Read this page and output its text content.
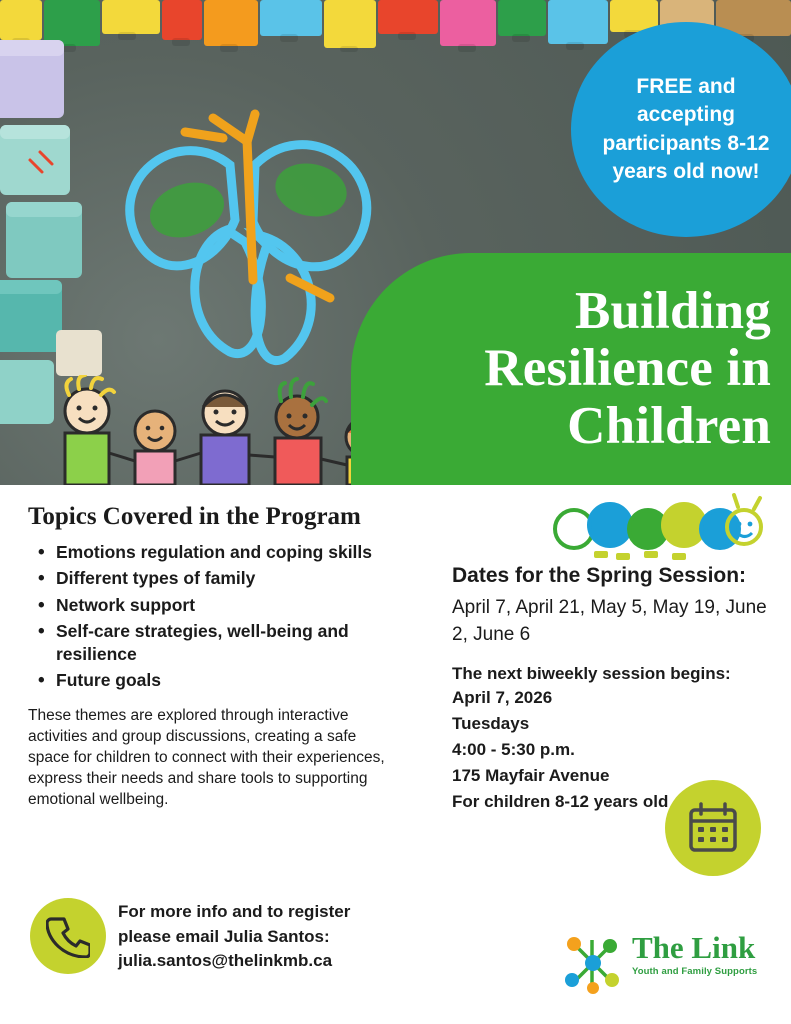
FREE and accepting participants 8-12 years old now!
Building Resilience in Children
Topics Covered in the Program
• Emotions regulation and coping skills
• Different types of family
• Network support
• Self-care strategies, well-being and resilience
• Future goals

These themes are explored through interactive activities and group discussions, creating a safe space for children to connect with their experiences, express their needs and share tools to supporting emotional wellbeing.

Dates for the Spring Session:
April 7, April 21, May 5, May 19, June 2, June 6
The next biweekly session begins:
April 7, 2026
Tuesdays
4:00 - 5:30 p.m.
175 Mayfair Avenue
For children 8-12 years old
For more info and to register
please email Julia Santos:
julia.santos@thelinkmb.ca	The Link
Youth and Family Supports
